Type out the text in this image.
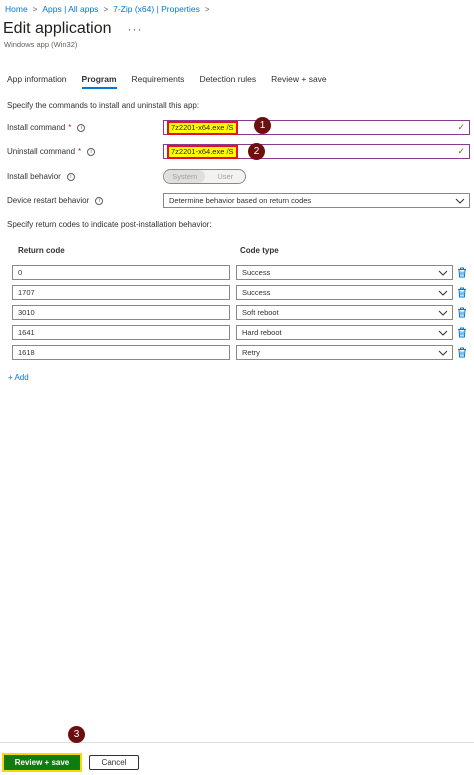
Home > Apps | All apps > 7-Zip (x64) | Properties >
Edit application ···
Windows app (Win32)
App information Program Requirements Detection rules Review + save
Specify the commands to install and uninstall this app:
Install command *	i	7z2201-x64.exe /S	✓
1
Uninstall command *	i	7z2201-x64.exe /S	✓
2
Install behavior	i	System	User
Device restart behavior	i	Determine behavior based on return codes
Specify return codes to indicate post-installation behavior:
Return code	Code type
0	Success
1707	Success
3010	Soft reboot
1641	Hard reboot
1618	Retry
+ Add
3
Review + save	Cancel
